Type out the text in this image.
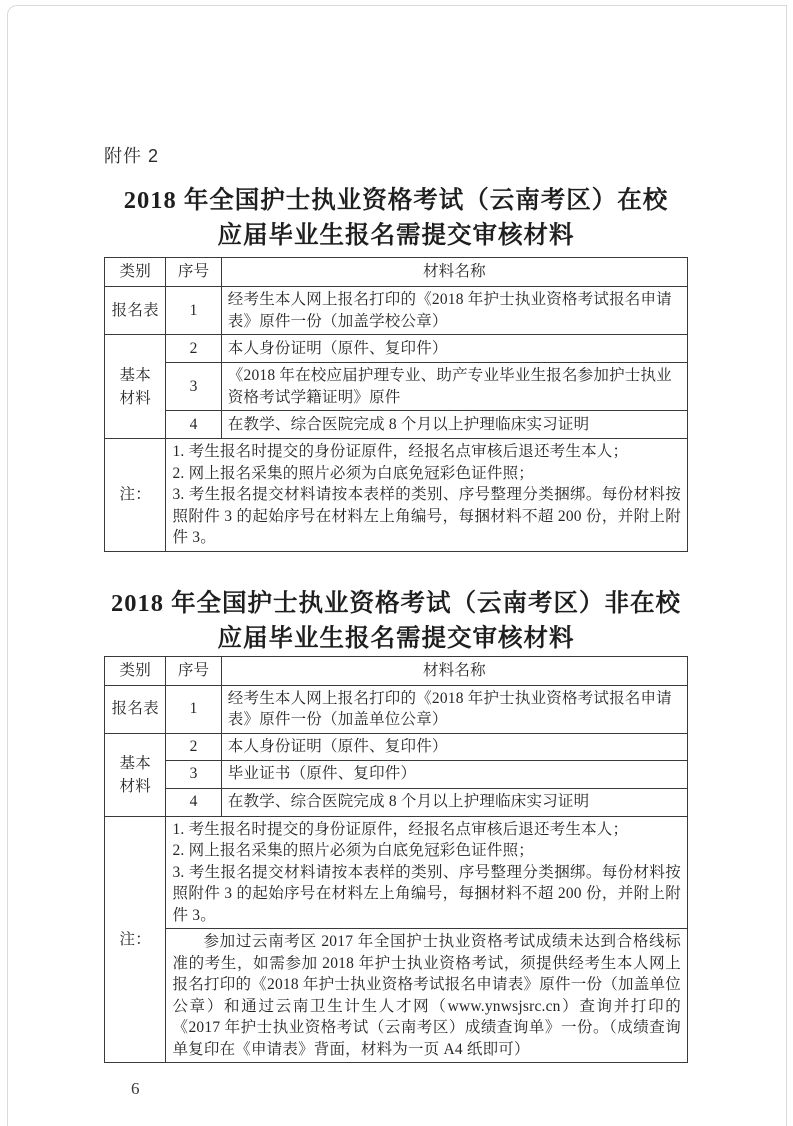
附件 2

2018 年全国护士执业资格考试（云南考区）在校
应届毕业生报名需提交审核材料
类别	序号	材料名称
报名表	1	经考生本人网上报名打印的《2018 年护士执业资格考试报名申请表》原件一份（加盖学校公章）

基本材料	2	本人身份证明（原件、复印件）
	3	《2018 年在校应届护理专业、助产专业毕业生报名参加护士执业资格考试学籍证明》原件
	4	在教学、综合医院完成 8 个月以上护理临床实习证明
注：	1. 考生报名时提交的身份证原件，经报名点审核后退还考生本人；

2. 网上报名采集的照片必须为白底免冠彩色证件照；

3. 考生报名提交材料请按本表样的类别、序号整理分类捆绑。每份材料按照附件 3 的起始序号在材料左上角编号，每捆材料不超 200 份，并附上附件 3。	

2018 年全国护士执业资格考试（云南考区）非在校
应届毕业生报名需提交审核材料
类别	序号	材料名称
报名表	1	经考生本人网上报名打印的《2018 年护士执业资格考试报名申请表》原件一份（加盖单位公章）

基本材料	2	本人身份证明（原件、复印件）
	3	毕业证书（原件、复印件）
	4	在教学、综合医院完成 8 个月以上护理临床实习证明
注：	1. 考生报名时提交的身份证原件，经报名点审核后退还考生本人；

2. 网上报名采集的照片必须为白底免冠彩色证件照；

3. 考生报名提交材料请按本表样的类别、序号整理分类捆绑。每份材料按照附件 3 的起始序号在材料左上角编号，每捆材料不超 200 份，并附上附件 3。	

	参加过云南考区 2017 年全国护士执业资格考试成绩未达到合格线标准的考生，如需参加 2018 年护士执业资格考试，须提供经考生本人网上报名打印的《2018 年护士执业资格考试报名申请表》原件一份（加盖单位公章）和通过云南卫生计生人才网（www.ynwsjsrc.cn）查询并打印的《2017 年护士执业资格考试（云南考区）成绩查询单》一份。（成绩查询单复印在《申请表》背面，材料为一页 A4 纸即可）	

6
